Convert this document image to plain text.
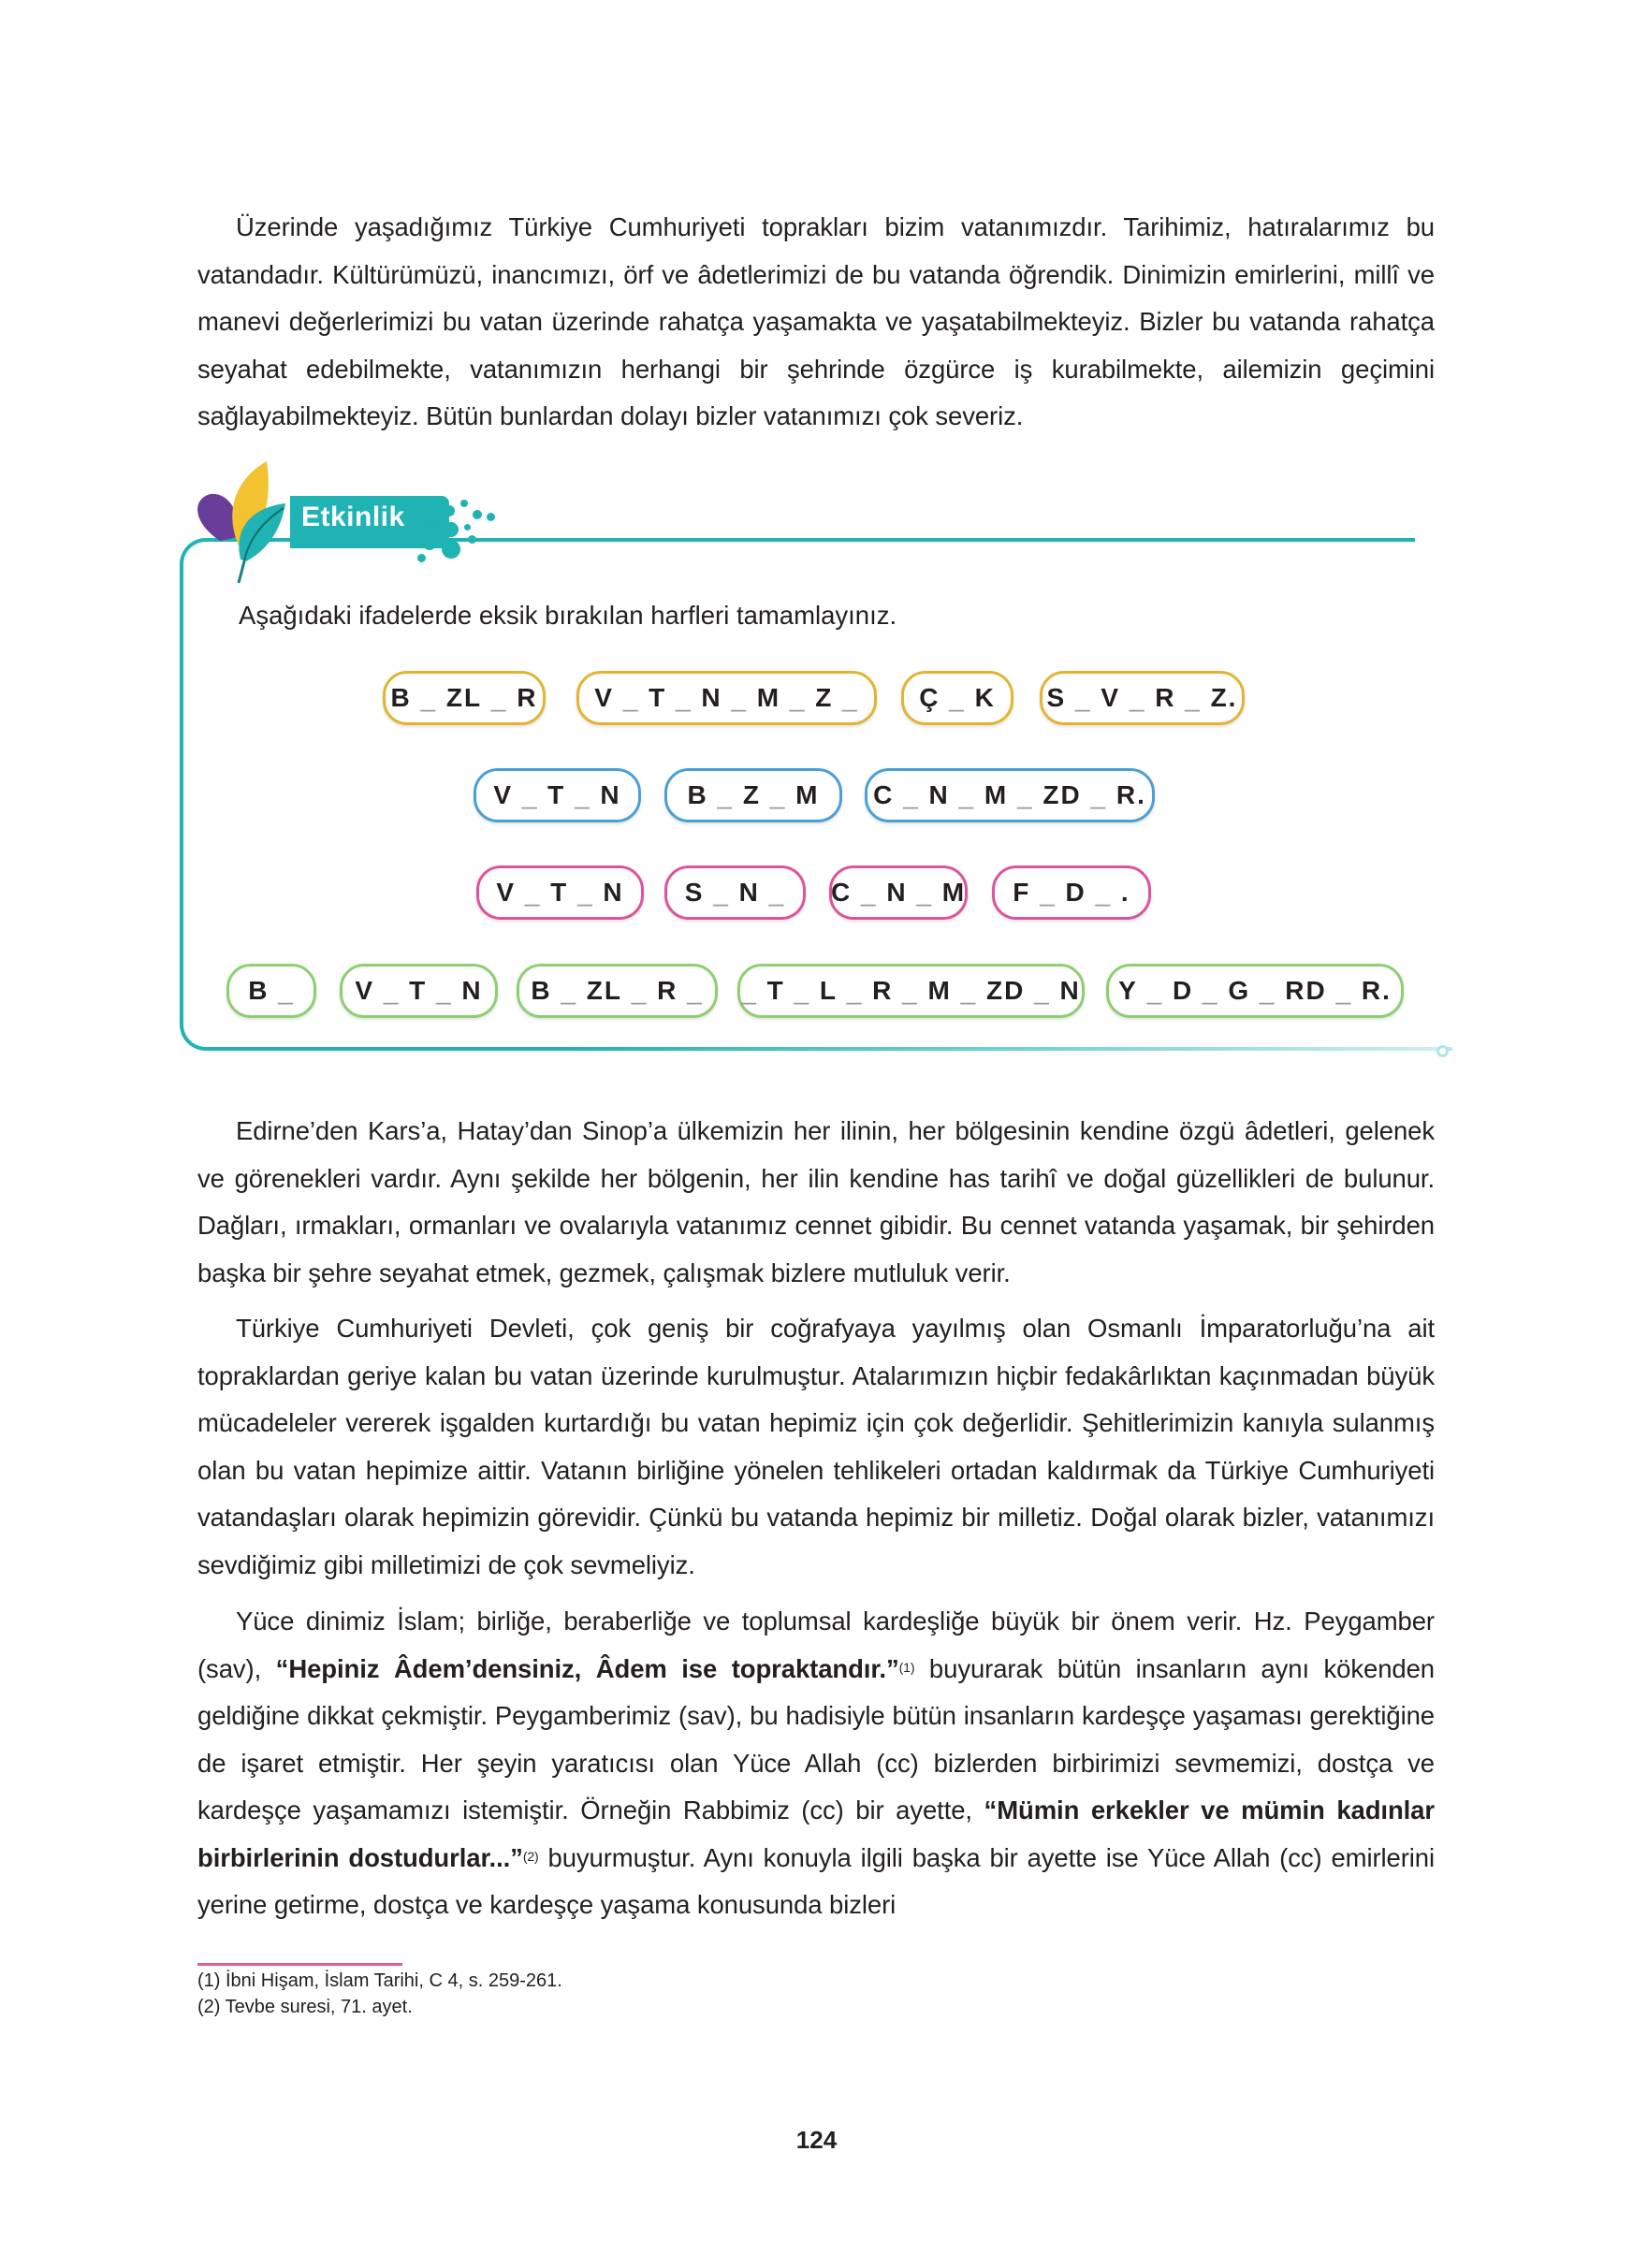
Üzerinde yaşadığımız Türkiye Cumhuriyeti toprakları bizim vatanımızdır. Tarihimiz, hatıralarımız bu vatandadır. Kültürümüzü, inancımızı, örf ve âdetlerimizi de bu vatanda öğrendik. Dinimizin emirlerini, millî ve manevi değerlerimizi bu vatan üzerinde rahatça yaşamakta ve yaşatabilmekteyiz. Bizler bu vatanda rahatça seyahat edebilmekte, vatanımızın herhangi bir şehrinde özgürce iş kurabilmekte, ailemizin geçimini sağlayabilmekteyiz. Bütün bunlardan dolayı bizler vatanımızı çok severiz.

Etkinlik
Aşağıdaki ifadelerde eksik bırakılan harfleri tamamlayınız.
B
_
Z L
_
R V
_
T
_
N
_
M
_
Z
_ Ç
_
K S
_
V
_
R
_
Z .
V
_
T
_
N	B
_
Z
_
M C
_
N
_
M
_
Z D
_
R .
V
_
T
_
N S
_
N
_ C
_
N
_
M F
_
D
_
.
B
_ V
_
T
_
N B
_
Z L
_
R
_ _
T
_
L
_
R
_
M
_
Z D
_
N Y
_
D
_
G
_
R D
_
R .

Edirne’den Kars’a, Hatay’dan Sinop’a ülkemizin her ilinin, her bölgesinin kendine özgü âdetleri, gelenek ve görenekleri vardır. Aynı şekilde her bölgenin, her ilin kendine has tarihî ve doğal güzellikleri de bulunur. Dağları, ırmakları, ormanları ve ovalarıyla vatanımız cennet gibidir. Bu cennet vatanda yaşamak, bir şehirden başka bir şehre seyahat etmek, gezmek, çalışmak bizlere mutluluk verir.

Türkiye Cumhuriyeti Devleti, çok geniş bir coğrafyaya yayılmış olan Osmanlı İmparatorluğu’na ait topraklardan geriye kalan bu vatan üzerinde kurulmuştur. Atalarımızın hiçbir fedakârlıktan kaçınmadan büyük mücadeleler vererek işgalden kurtardığı bu vatan hepimiz için çok değerlidir. Şehitlerimizin kanıyla sulanmış olan bu vatan hepimize aittir. Vatanın birliğine yönelen tehlikeleri ortadan kaldırmak da Türkiye Cumhuriyeti vatandaşları olarak hepimizin görevidir. Çünkü bu vatanda hepimiz bir milletiz. Doğal olarak bizler, vatanımızı sevdiğimiz gibi milletimizi de çok sevmeliyiz.

Yüce dinimiz İslam; birliğe, beraberliğe ve toplumsal kardeşliğe büyük bir önem verir. Hz. Peygamber (sav), “Hepiniz Âdem’densiniz, Âdem ise topraktandır.”$^{(1)}$ buyurarak bütün insanların aynı kökenden geldiğine dikkat çekmiştir. Peygamberimiz (sav), bu hadisiyle bütün insanların kardeşçe yaşaması gerektiğine de işaret etmiştir. Her şeyin yaratıcısı olan Yüce Allah (cc) bizlerden birbirimizi sevmemizi, dostça ve kardeşçe yaşamamızı istemiştir. Örneğin Rabbimiz (cc) bir ayette, “Mümin erkekler ve mümin kadınlar birbirlerinin dostudurlar...”$^{(2)}$ buyurmuştur. Aynı konuyla ilgili başka bir ayette ise Yüce Allah (cc) emirlerini yerine getirme, dostça ve kardeşçe yaşama konusunda bizleri

(1) İbni Hişam, İslam Tarihi, C 4, s. 259-261.
(2) Tevbe suresi, 71. ayet.
124
